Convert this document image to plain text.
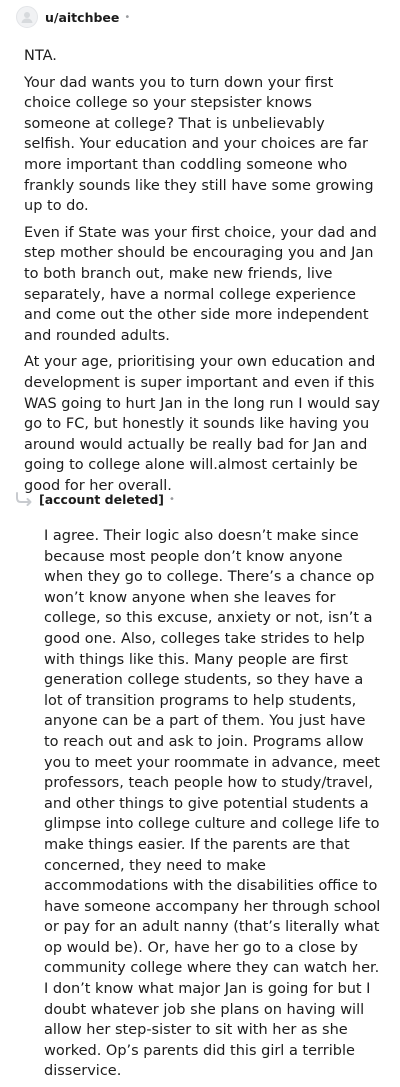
u/aitchbee •

NTA.

Your dad wants you to turn down your first choice college so your stepsister knows someone at college? That is unbelievably selfish. Your education and your choices are far more important than coddling someone who frankly sounds like they still have some growing up to do.

Even if State was your first choice, your dad and step mother should be encouraging you and Jan to both branch out, make new friends, live separately, have a normal college experience and come out the other side more independent and rounded adults.

At your age, prioritising your own education and development is super important and even if this WAS going to hurt Jan in the long run I would say go to FC, but honestly it sounds like having you around would actually be really bad for Jan and going to college alone will.almost certainly be good for her overall.

[account deleted] •

I agree. Their logic also doesn’t make since because most people don’t know anyone when they go to college. There’s a chance op won’t know anyone when she leaves for college, so this excuse, anxiety or not, isn’t a good one. Also, colleges take strides to help with things like this. Many people are first generation college students, so they have a lot of transition programs to help students, anyone can be a part of them. You just have to reach out and ask to join. Programs allow you to meet your roommate in advance, meet professors, teach people how to study/travel, and other things to give potential students a glimpse into college culture and college life to make things easier. If the parents are that concerned, they need to make accommodations with the disabilities office to have someone accompany her through school or pay for an adult nanny (that’s literally what op would be). Or, have her go to a close by community college where they can watch her. I don’t know what major Jan is going for but I doubt whatever job she plans on having will allow her step-sister to sit with her as she worked. Op’s parents did this girl a terrible disservice.
